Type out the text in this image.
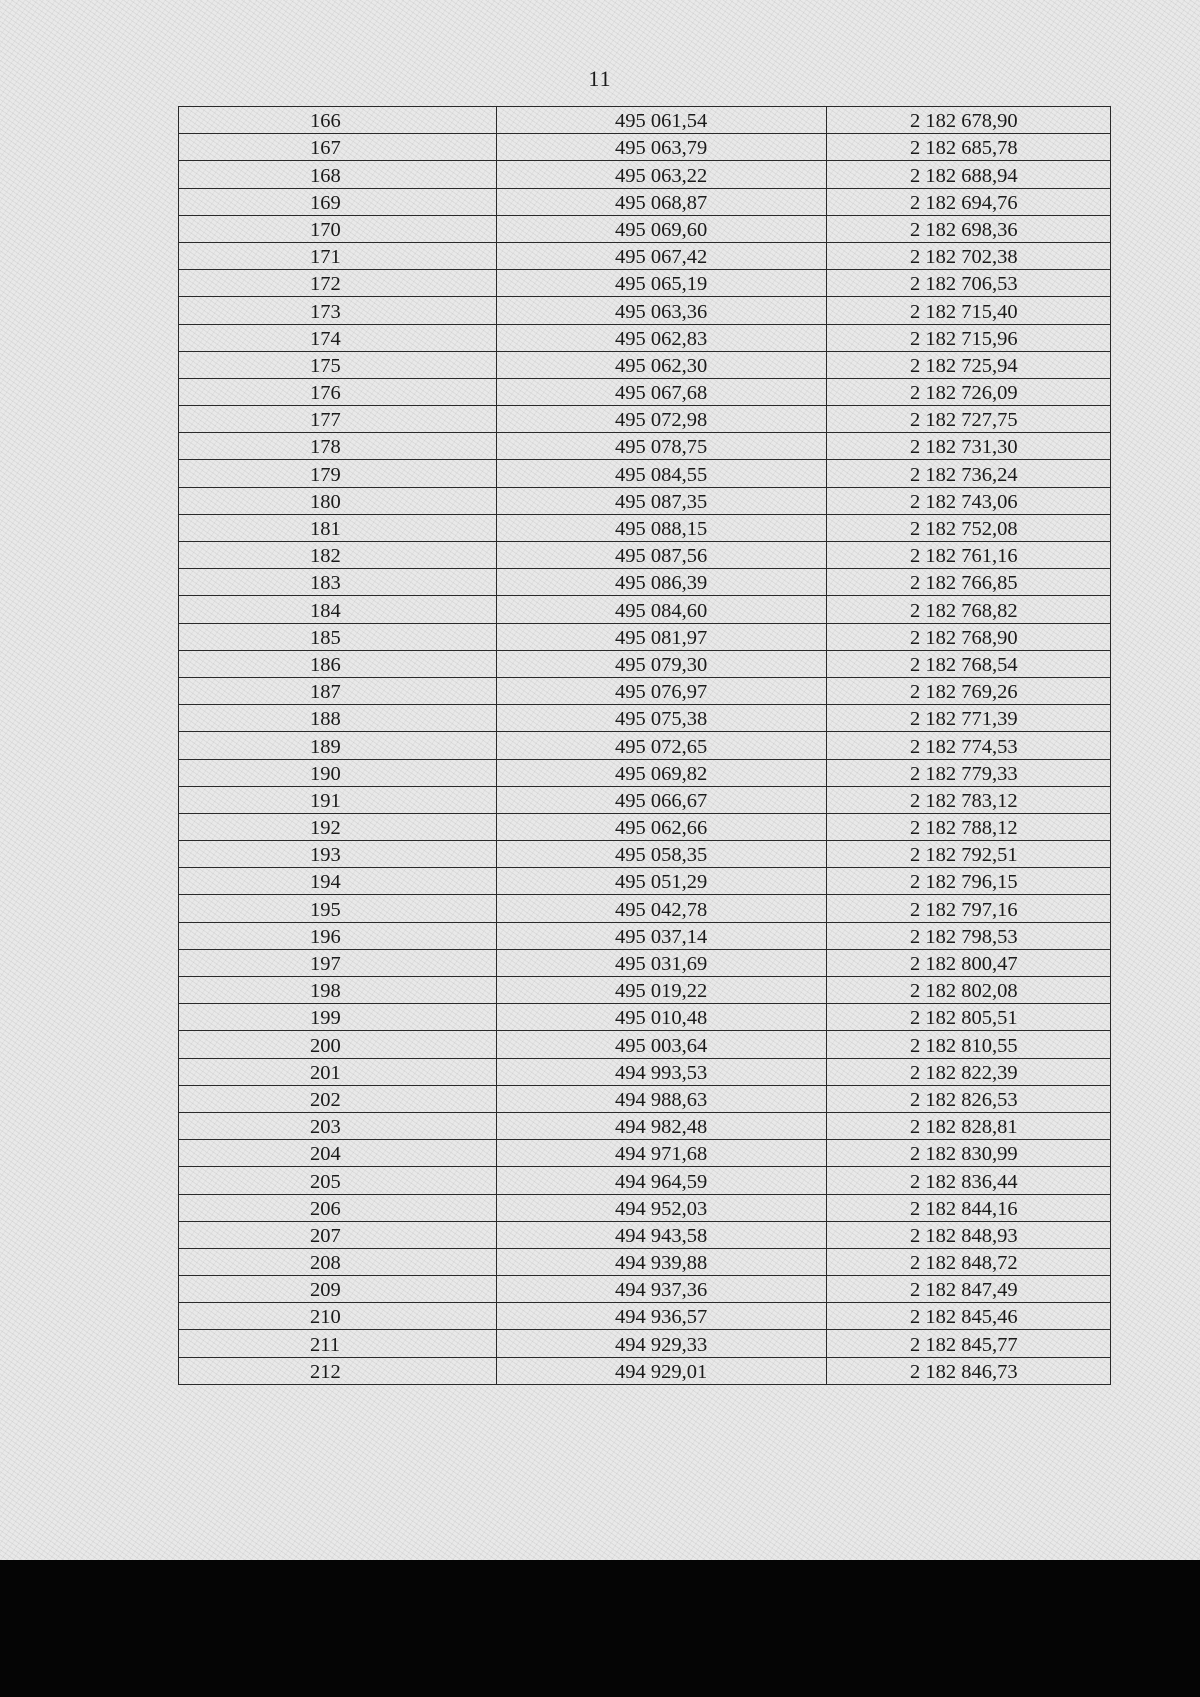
11
166	495 061,54	2 182 678,90
167	495 063,79	2 182 685,78
168	495 063,22	2 182 688,94
169	495 068,87	2 182 694,76
170	495 069,60	2 182 698,36
171	495 067,42	2 182 702,38
172	495 065,19	2 182 706,53
173	495 063,36	2 182 715,40
174	495 062,83	2 182 715,96
175	495 062,30	2 182 725,94
176	495 067,68	2 182 726,09
177	495 072,98	2 182 727,75
178	495 078,75	2 182 731,30
179	495 084,55	2 182 736,24
180	495 087,35	2 182 743,06
181	495 088,15	2 182 752,08
182	495 087,56	2 182 761,16
183	495 086,39	2 182 766,85
184	495 084,60	2 182 768,82
185	495 081,97	2 182 768,90
186	495 079,30	2 182 768,54
187	495 076,97	2 182 769,26
188	495 075,38	2 182 771,39
189	495 072,65	2 182 774,53
190	495 069,82	2 182 779,33
191	495 066,67	2 182 783,12
192	495 062,66	2 182 788,12
193	495 058,35	2 182 792,51
194	495 051,29	2 182 796,15
195	495 042,78	2 182 797,16
196	495 037,14	2 182 798,53
197	495 031,69	2 182 800,47
198	495 019,22	2 182 802,08
199	495 010,48	2 182 805,51
200	495 003,64	2 182 810,55
201	494 993,53	2 182 822,39
202	494 988,63	2 182 826,53
203	494 982,48	2 182 828,81
204	494 971,68	2 182 830,99
205	494 964,59	2 182 836,44
206	494 952,03	2 182 844,16
207	494 943,58	2 182 848,93
208	494 939,88	2 182 848,72
209	494 937,36	2 182 847,49
210	494 936,57	2 182 845,46
211	494 929,33	2 182 845,77
212	494 929,01	2 182 846,73
